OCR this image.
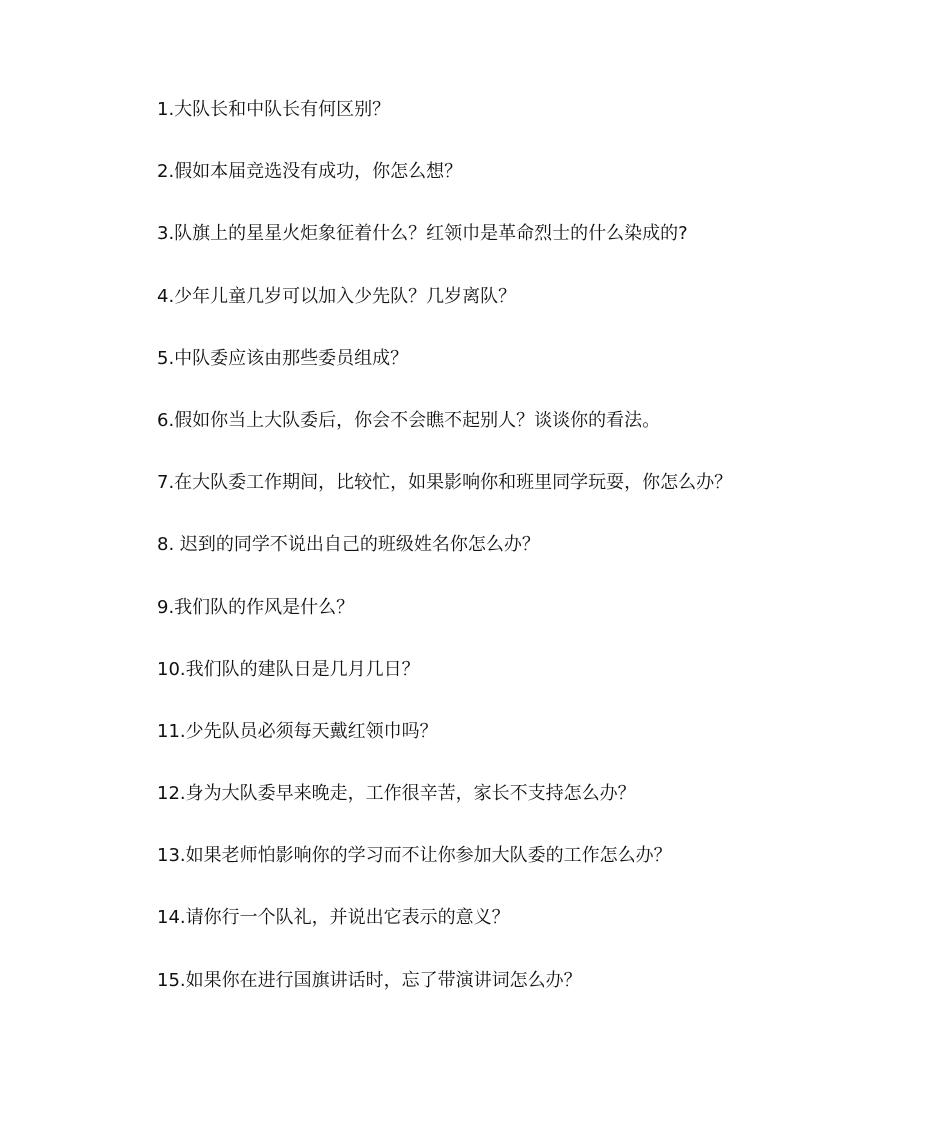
1.大队长和中队长有何区别？
2.假如本届竞选没有成功，你怎么想？
3.队旗上的星星火炬象征着什么？红领巾是革命烈士的什么染成的?
4.少年儿童几岁可以加入少先队？几岁离队？
5.中队委应该由那些委员组成？
6.假如你当上大队委后，你会不会瞧不起别人？谈谈你的看法。
7.在大队委工作期间，比较忙，如果影响你和班里同学玩耍，你怎么办？
8. 迟到的同学不说出自己的班级姓名你怎么办？
9.我们队的作风是什么？
10.我们队的建队日是几月几日？
11.少先队员必须每天戴红领巾吗？
12.身为大队委早来晚走，工作很辛苦，家长不支持怎么办？
13.如果老师怕影响你的学习而不让你参加大队委的工作怎么办？
14.请你行一个队礼，并说出它表示的意义？
15.如果你在进行国旗讲话时，忘了带演讲词怎么办？
